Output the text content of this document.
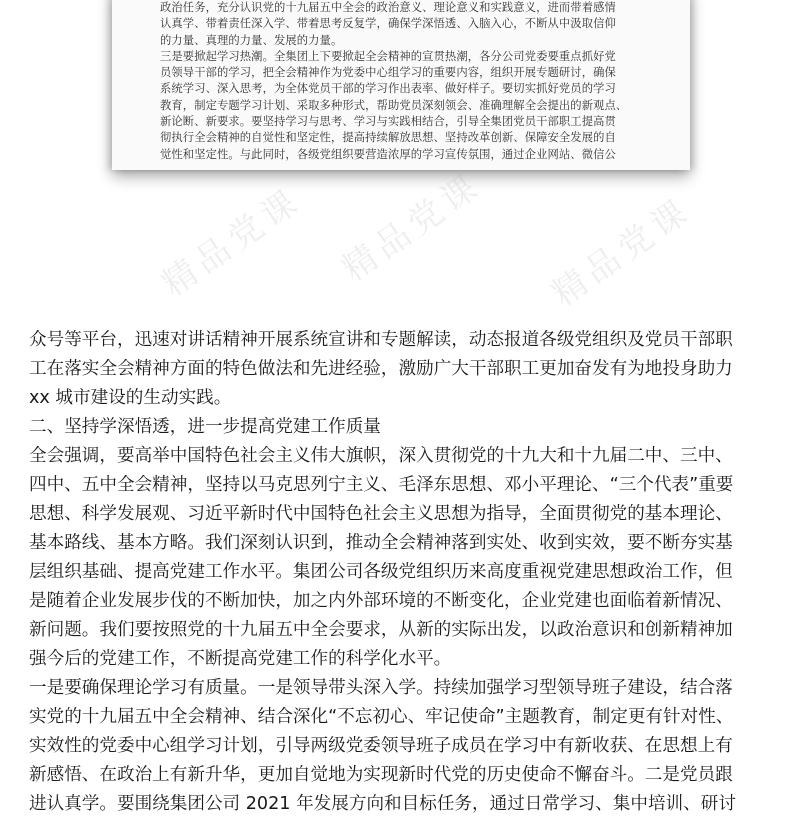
政治任务，充分认识党的十九届五中全会的政治意义、理论意义和实践意义，进而带着感情
认真学、带着责任深入学、带着思考反复学，确保学深悟透、入脑入心，不断从中汲取信仰
的力量、真理的力量、发展的力量。
三是要掀起学习热潮。全集团上下要掀起全会精神的宣贯热潮，各分公司党委要重点抓好党
员领导干部的学习，把全会精神作为党委中心组学习的重要内容，组织开展专题研讨，确保
系统学习、深入思考，为全体党员干部的学习作出表率、做好样子。要切实抓好党员的学习
教育，制定专题学习计划、采取多种形式，帮助党员深刻领会、准确理解全会提出的新观点、
新论断、新要求。要坚持学习与思考、学习与实践相结合，引导全集团党员干部职工提高贯
彻执行全会精神的自觉性和坚定性，提高持续解放思想、坚持改革创新、保障安全发展的自
觉性和坚定性。与此同时，各级党组织要营造浓厚的学习宣传氛围，通过企业网站、微信公
精品党课 精品党课 精品党课
众号等平台，迅速对讲话精神开展系统宣讲和专题解读，动态报道各级党组织及党员干部职
工在落实全会精神方面的特色做法和先进经验，激励广大干部职工更加奋发有为地投身助力
xx 城市建设的生动实践。
二、坚持学深悟透，进一步提高党建工作质量
全会强调，要高举中国特色社会主义伟大旗帜，深入贯彻党的十九大和十九届二中、三中、
四中、五中全会精神，坚持以马克思列宁主义、毛泽东思想、邓小平理论、“三个代表”重要
思想、科学发展观、习近平新时代中国特色社会主义思想为指导，全面贯彻党的基本理论、
基本路线、基本方略。我们深刻认识到，推动全会精神落到实处、收到实效，要不断夯实基
层组织基础、提高党建工作水平。集团公司各级党组织历来高度重视党建思想政治工作，但
是随着企业发展步伐的不断加快，加之内外部环境的不断变化，企业党建也面临着新情况、
新问题。我们要按照党的十九届五中全会要求，从新的实际出发，以政治意识和创新精神加
强今后的党建工作，不断提高党建工作的科学化水平。
一是要确保理论学习有质量。一是领导带头深入学。持续加强学习型领导班子建设，结合落
实党的十九届五中全会精神、结合深化“不忘初心、牢记使命”主题教育，制定更有针对性、
实效性的党委中心组学习计划，引导两级党委领导班子成员在学习中有新收获、在思想上有
新感悟、在政治上有新升华，更加自觉地为实现新时代党的历史使命不懈奋斗。二是党员跟
进认真学。要围绕集团公司 2021 年发展方向和目标任务，通过日常学习、集中培训、研讨
